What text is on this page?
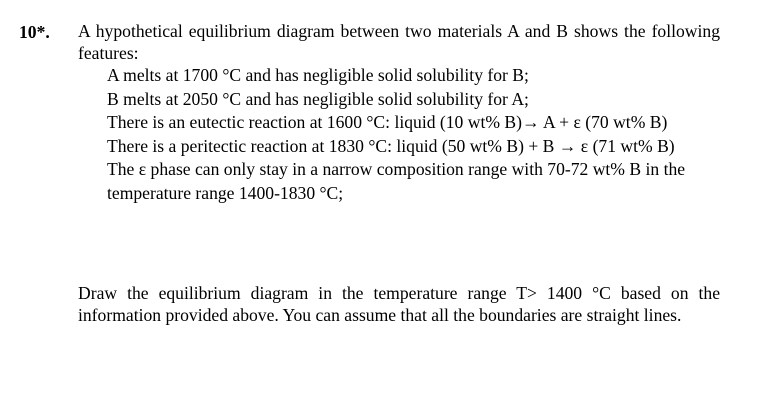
10*. A hypothetical equilibrium diagram between two materials A and B shows the following features:
A melts at 1700 °C and has negligible solid solubility for B;
B melts at 2050 °C and has negligible solid solubility for A;
There is an eutectic reaction at 1600 °C: liquid (10 wt% B)→ A + ε (70 wt% B)
There is a peritectic reaction at 1830 °C: liquid (50 wt% B) + B → ε (71 wt% B)
The ε phase can only stay in a narrow composition range with 70-72 wt% B in the temperature range 1400-1830 °C;
Draw the equilibrium diagram in the temperature range T> 1400 °C based on the information provided above. You can assume that all the boundaries are straight lines.
